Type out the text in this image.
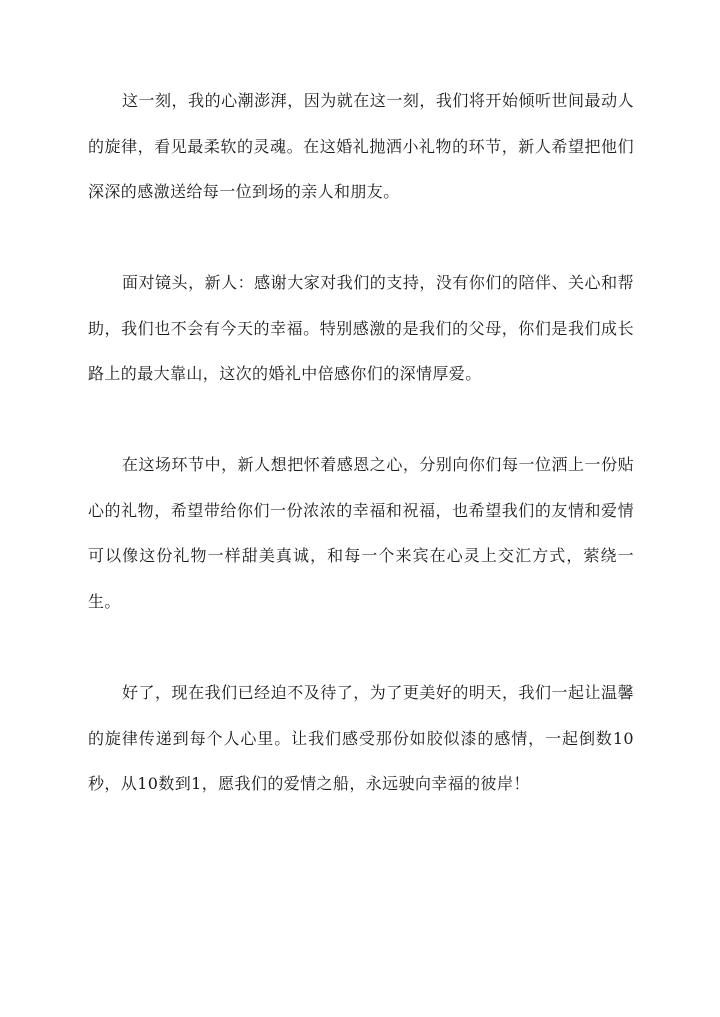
这一刻，我的心潮澎湃，因为就在这一刻，我们将开始倾听世间最动人的旋律，看见最柔软的灵魂。在这婚礼抛洒小礼物的环节，新人希望把他们深深的感激送给每一位到场的亲人和朋友。

面对镜头，新人：感谢大家对我们的支持，没有你们的陪伴、关心和帮助，我们也不会有今天的幸福。特别感激的是我们的父母，你们是我们成长路上的最大靠山，这次的婚礼中倍感你们的深情厚爱。

在这场环节中，新人想把怀着感恩之心，分别向你们每一位洒上一份贴心的礼物，希望带给你们一份浓浓的幸福和祝福，也希望我们的友情和爱情可以像这份礼物一样甜美真诚，和每一个来宾在心灵上交汇方式，萦绕一生。

好了，现在我们已经迫不及待了，为了更美好的明天，我们一起让温馨的旋律传递到每个人心里。让我们感受那份如胶似漆的感情，一起倒数10秒，从10数到1，愿我们的爱情之船，永远驶向幸福的彼岸！
